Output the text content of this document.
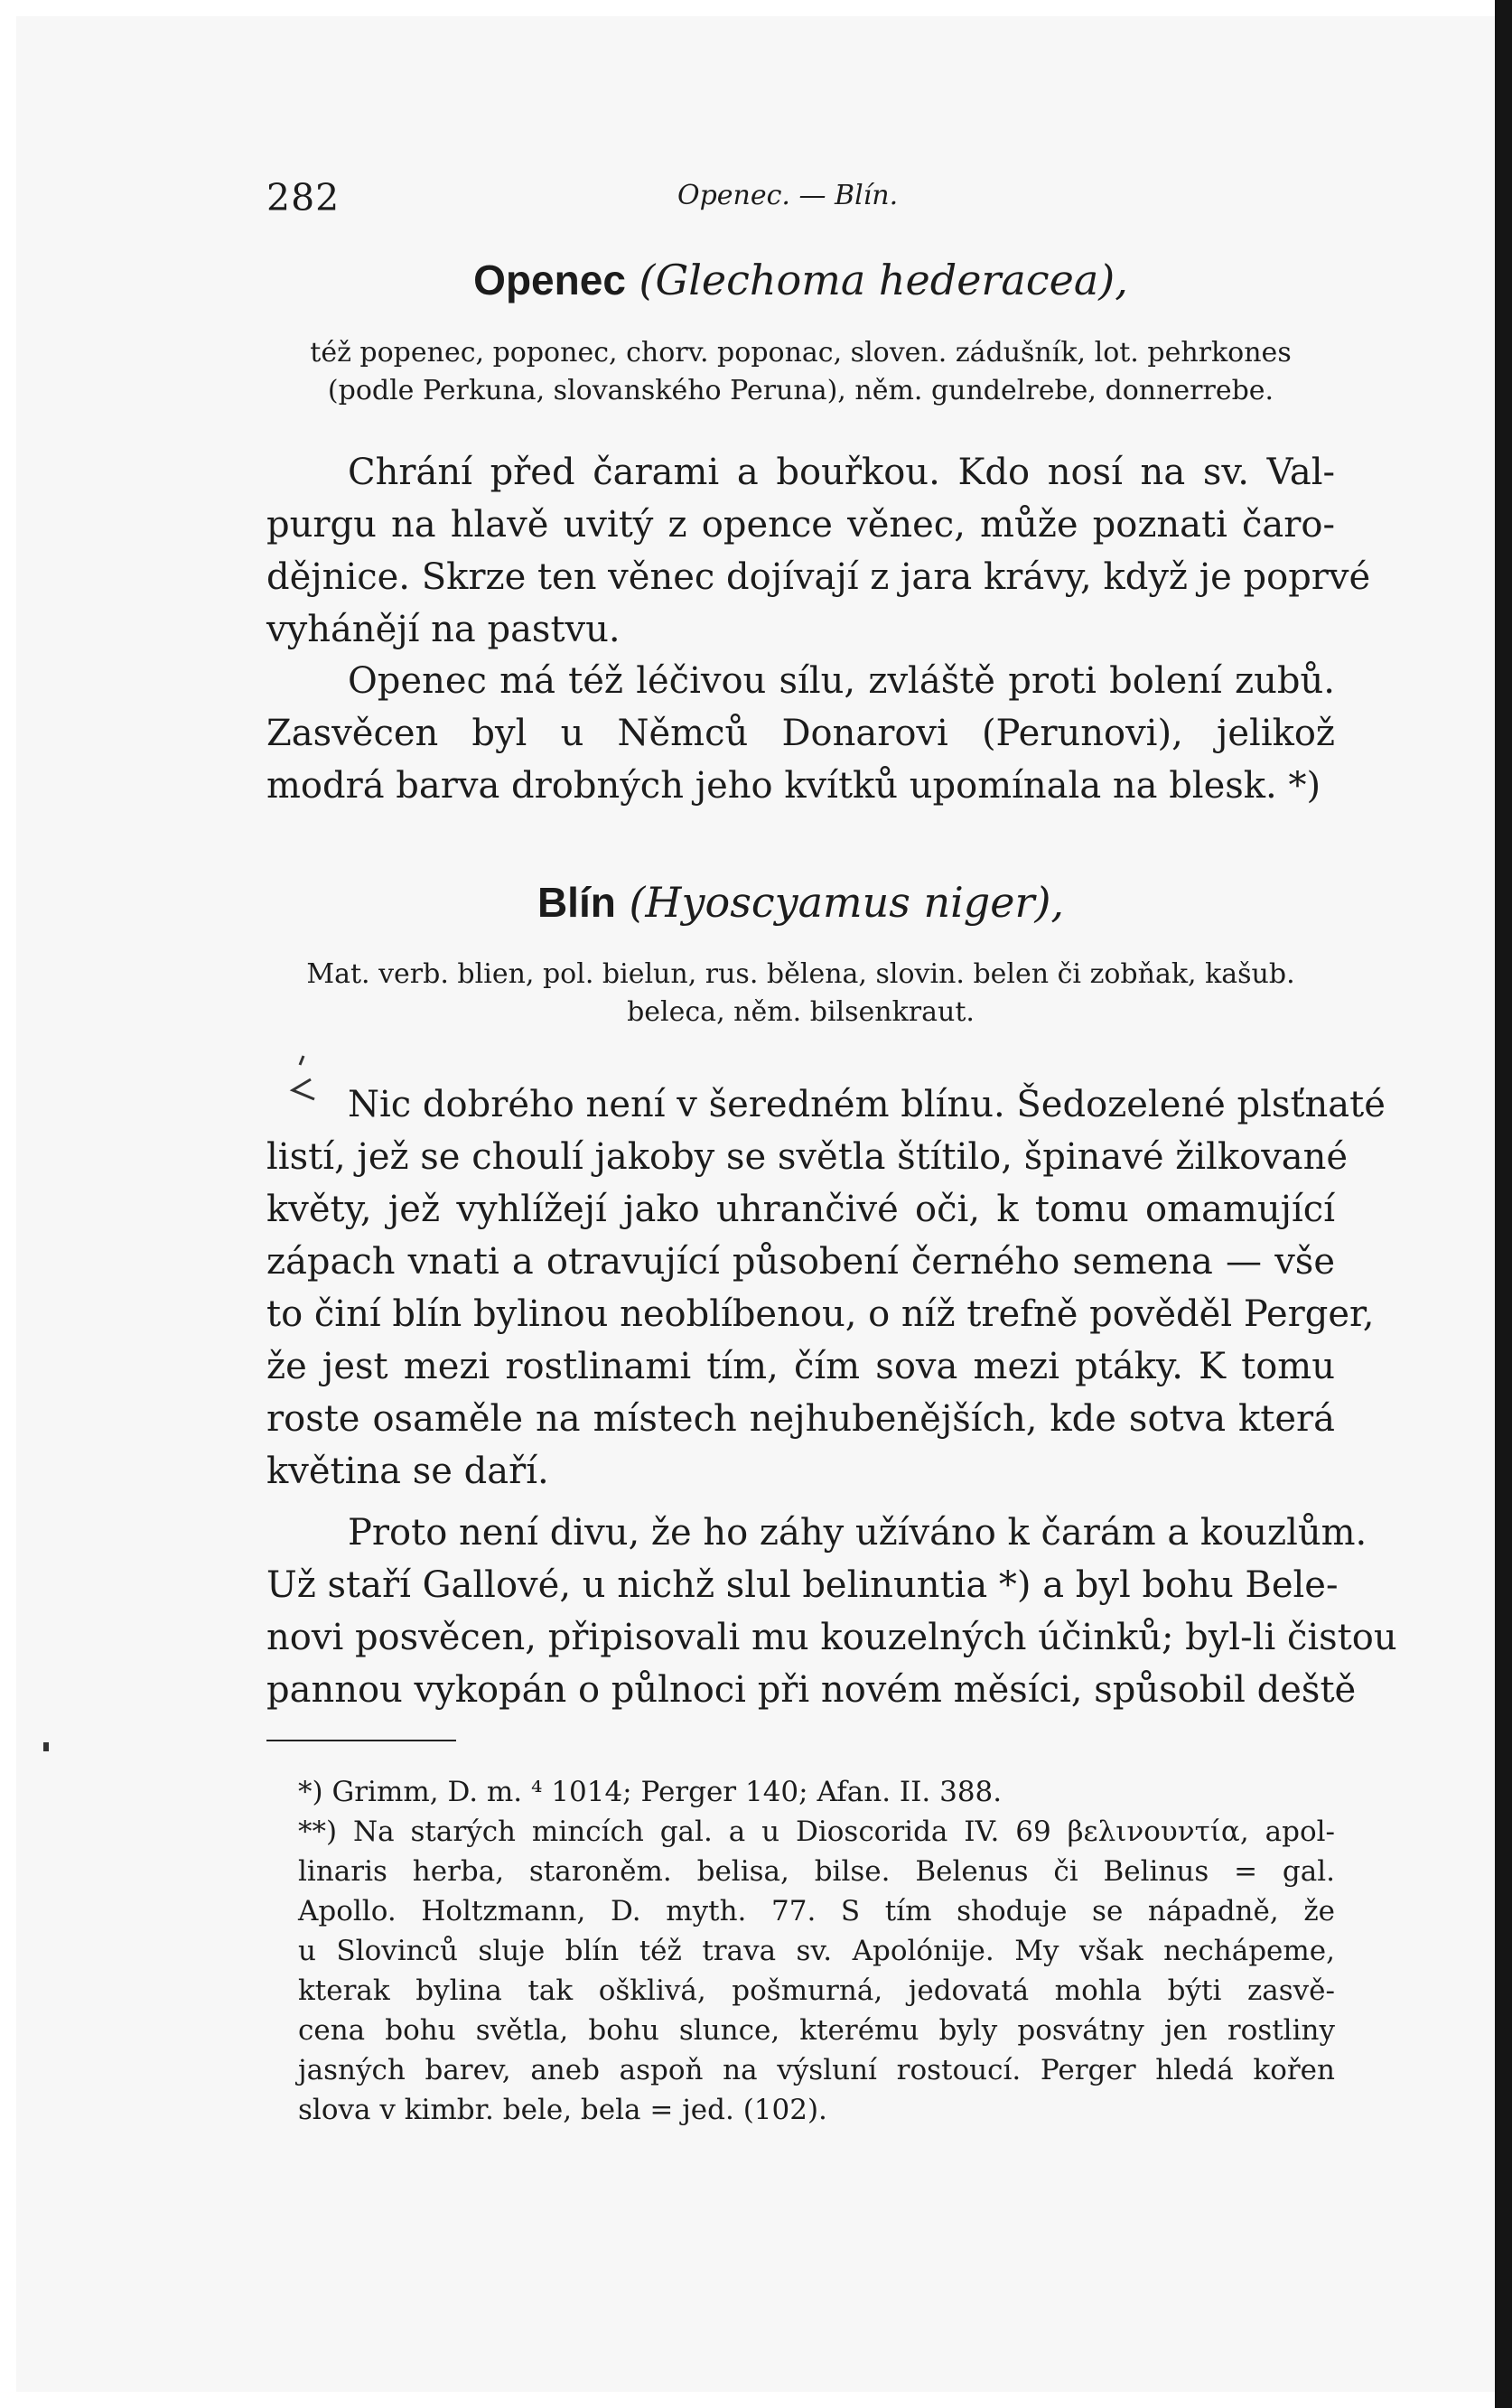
282	Openec. — Blín.
Openec (Glechoma hederacea),
též popenec, poponec, chorv. poponac, sloven. zádušník, lot. pehrkones
(podle Perkuna, slovanského Peruna), něm. gundelrebe, donnerrebe.
Chrání před čarami a bouřkou. Kdo nosí na sv. Val-
purgu na hlavě uvitý z opence věnec, může poznati čaro-
dějnice. Skrze ten věnec dojívají z jara krávy, když je poprvé
vyhánějí na pastvu.
Openec má též léčivou sílu, zvláště proti bolení zubů.
Zasvěcen byl u Němců Donarovi (Perunovi), jelikož
modrá barva drobných jeho kvítků upomínala na blesk. *)
Blín (Hyoscyamus niger),
Mat. verb. blien, pol. bielun, rus. bělena, slovin. belen či zobňak, kašub.
beleca, něm. bilsenkraut.
Nic dobrého není v šeredném blínu. Šedozelené plsťnaté
listí, jež se choulí jakoby se světla štítilo, špinavé žilkované
květy, jež vyhlížejí jako uhrančivé oči, k tomu omamující
zápach vnati a otravující působení černého semena — vše
to činí blín bylinou neoblíbenou, o níž trefně pověděl Perger,
že jest mezi rostlinami tím, čím sova mezi ptáky. K tomu
roste osaměle na místech nejhubenějších, kde sotva která
květina se daří.
Proto není divu, že ho záhy užíváno k čarám a kouzlům.
Už staří Gallové, u nichž slul belinuntia *) a byl bohu Bele-
novi posvěcen, připisovali mu kouzelných účinků; byl-li čistou
pannou vykopán o půlnoci při novém měsíci, spůsobil deště
*) Grimm, D. m. ⁴ 1014; Perger 140; Afan. II. 388.
**) Na starých mincích gal. a u Dioscorida IV. 69 βελινουντία, apol-
linaris herba, staroněm. belisa, bilse. Belenus či Belinus = gal.
Apollo. Holtzmann, D. myth. 77. S tím shoduje se nápadně, že
u Slovinců sluje blín též trava sv. Apolónije. My však nechápeme,
kterak bylina tak ošklivá, pošmurná, jedovatá mohla býti zasvě-
cena bohu světla, bohu slunce, kterému byly posvátny jen rostliny
jasných barev, aneb aspoň na výsluní rostoucí. Perger hledá kořen
slova v kimbr. bele, bela = jed. (102).
